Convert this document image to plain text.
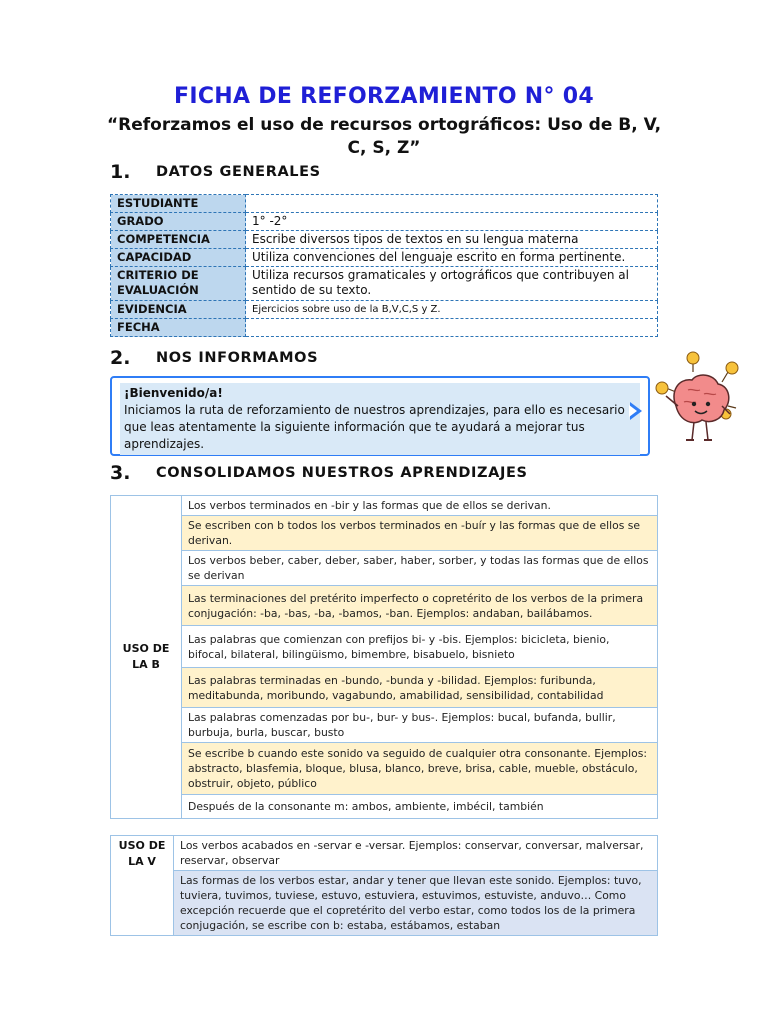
FICHA DE REFORZAMIENTO N° 04
“Reforzamos el uso de recursos ortográficos: Uso de B, V, C, S, Z”
1.	DATOS GENERALES
ESTUDIANTE	
GRADO	1° -2°
COMPETENCIA	Escribe diversos tipos de textos en su lengua materna
CAPACIDAD	Utiliza convenciones del lenguaje escrito en forma pertinente.
CRITERIO DE EVALUACIÓN	Utiliza recursos gramaticales y ortográficos que contribuyen al sentido de su texto.
EVIDENCIA	Ejercicios sobre uso de la B,V,C,S y Z.
FECHA	
2.	NOS INFORMAMOS
¡Bienvenido/a!
Iniciamos la ruta de reforzamiento de nuestros aprendizajes, para ello es necesario que leas atentamente la siguiente información que te ayudará a mejorar tus aprendizajes.
3.	CONSOLIDAMOS NUESTROS APRENDIZAJES
USO DE LA B	Los verbos terminados en -bir y las formas que de ellos se derivan.
Se escriben con b todos los verbos terminados en -buír y las formas que de ellos se derivan.
Los verbos beber, caber, deber, saber, haber, sorber, y todas las formas que de ellos se derivan
Las terminaciones del pretérito imperfecto o copretérito de los verbos de la primera conjugación: -ba, -bas, -ba, -bamos, -ban. Ejemplos: andaban, bailábamos.
Las palabras que comienzan con prefijos bi- y -bis. Ejemplos: bicicleta, bienio, bifocal, bilateral, bilingüismo, bimembre, bisabuelo, bisnieto
Las palabras terminadas en -bundo, -bunda y -bilidad. Ejemplos: furibunda, meditabunda, moribundo, vagabundo, amabilidad, sensibilidad, contabilidad
Las palabras comenzadas por bu-, bur- y bus-. Ejemplos: bucal, bufanda, bullir, burbuja, burla, buscar, busto
Se escribe b cuando este sonido va seguido de cualquier otra consonante. Ejemplos: abstracto, blasfemia, bloque, blusa, blanco, breve, brisa, cable, mueble, obstáculo, obstruir, objeto, público
Después de la consonante m: ambos, ambiente, imbécil, también
USO DE LA V	Los verbos acabados en -servar e -versar. Ejemplos: conservar, conversar, malversar, reservar, observar
Las formas de los verbos estar, andar y tener que llevan este sonido. Ejemplos: tuvo, tuviera, tuvimos, tuviese, estuvo, estuviera, estuvimos, estuviste, anduvo… Como excepción recuerde que el copretérito del verbo estar, como todos los de la primera conjugación, se escribe con b: estaba, estábamos, estaban
